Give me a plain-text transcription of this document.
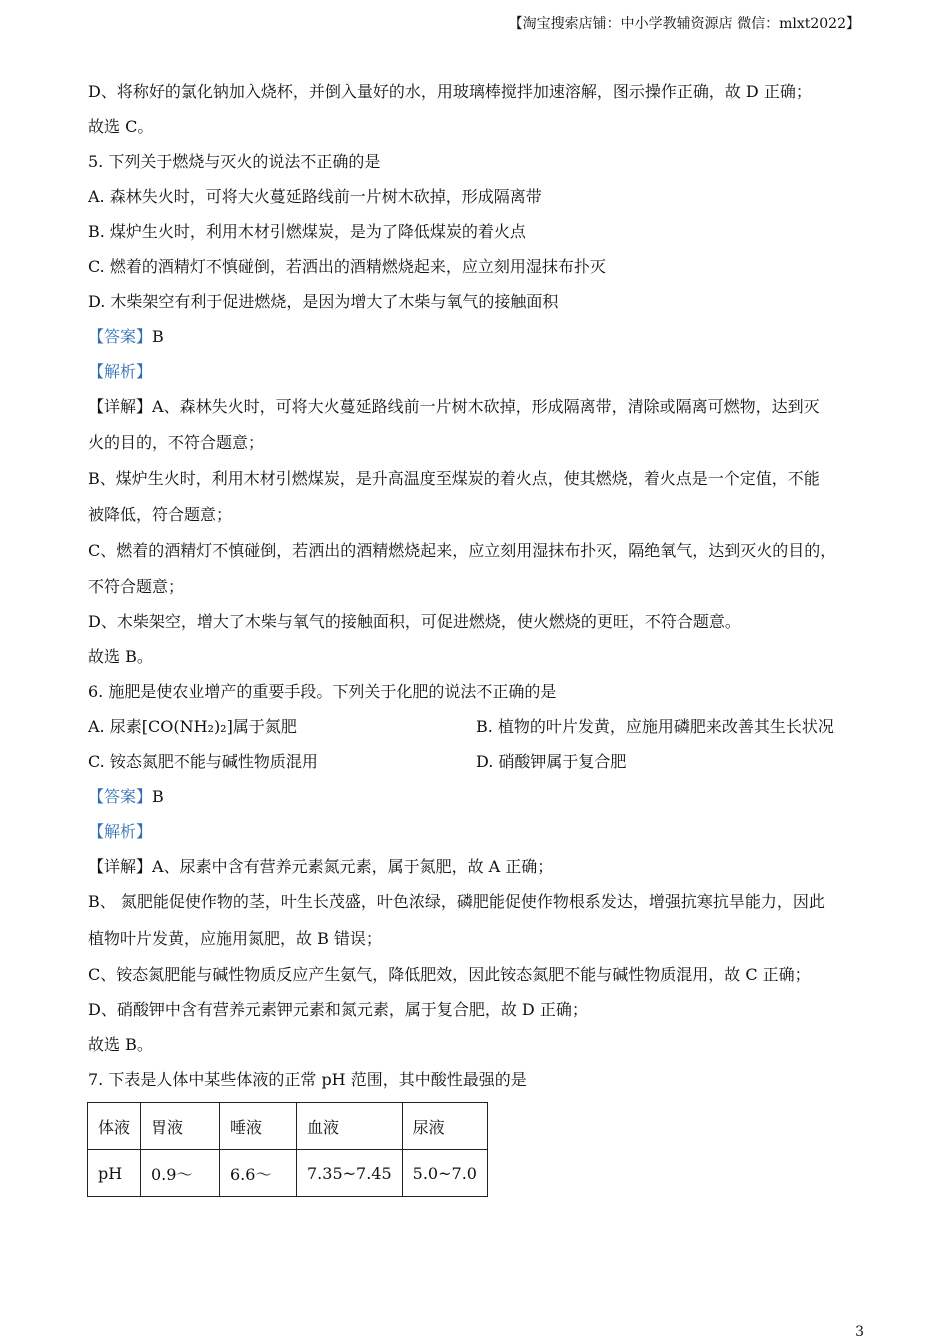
【淘宝搜索店铺：中小学教辅资源店 微信：mlxt2022】
D、将称好的氯化钠加入烧杯，并倒入量好的水，用玻璃棒搅拌加速溶解，图示操作正确，故 D 正确；
故选 C。
5. 下列关于燃烧与灭火的说法不正确的是
A. 森林失火时，可将大火蔓延路线前一片树木砍掉，形成隔离带
B. 煤炉生火时，利用木材引燃煤炭，是为了降低煤炭的着火点
C. 燃着的酒精灯不慎碰倒，若洒出的酒精燃烧起来，应立刻用湿抹布扑灭
D. 木柴架空有利于促进燃烧，是因为增大了木柴与氧气的接触面积
【答案】B
【解析】
【详解】A、森林失火时，可将大火蔓延路线前一片树木砍掉，形成隔离带，清除或隔离可燃物，达到灭
火的目的，不符合题意；
B、煤炉生火时，利用木材引燃煤炭，是升高温度至煤炭的着火点，使其燃烧，着火点是一个定值，不能
被降低，符合题意；
C、燃着的酒精灯不慎碰倒，若洒出的酒精燃烧起来，应立刻用湿抹布扑灭，隔绝氧气，达到灭火的目的，
不符合题意；
D、木柴架空，增大了木柴与氧气的接触面积，可促进燃烧，使火燃烧的更旺，不符合题意。
故选 B。
6. 施肥是使农业增产的重要手段。下列关于化肥的说法不正确的是
A. 尿素[CO(NH₂)₂]属于氮肥	B. 植物的叶片发黄，应施用磷肥来改善其生长状况
C. 铵态氮肥不能与碱性物质混用	D. 硝酸钾属于复合肥
【答案】B
【解析】
【详解】A、尿素中含有营养元素氮元素，属于氮肥，故 A 正确；
B、 氮肥能促使作物的茎，叶生长茂盛，叶色浓绿，磷肥能促使作物根系发达，增强抗寒抗旱能力，因此
植物叶片发黄，应施用氮肥，故 B 错误；
C、铵态氮肥能与碱性物质反应产生氨气，降低肥效，因此铵态氮肥不能与碱性物质混用，故 C 正确；
D、硝酸钾中含有营养元素钾元素和氮元素，属于复合肥，故 D 正确；
故选 B。
7. 下表是人体中某些体液的正常 pH 范围，其中酸性最强的是
体液	胃液	唾液	血液	尿液
pH	0.9～	6.6～	7.35~7.45	5.0~7.0
3
